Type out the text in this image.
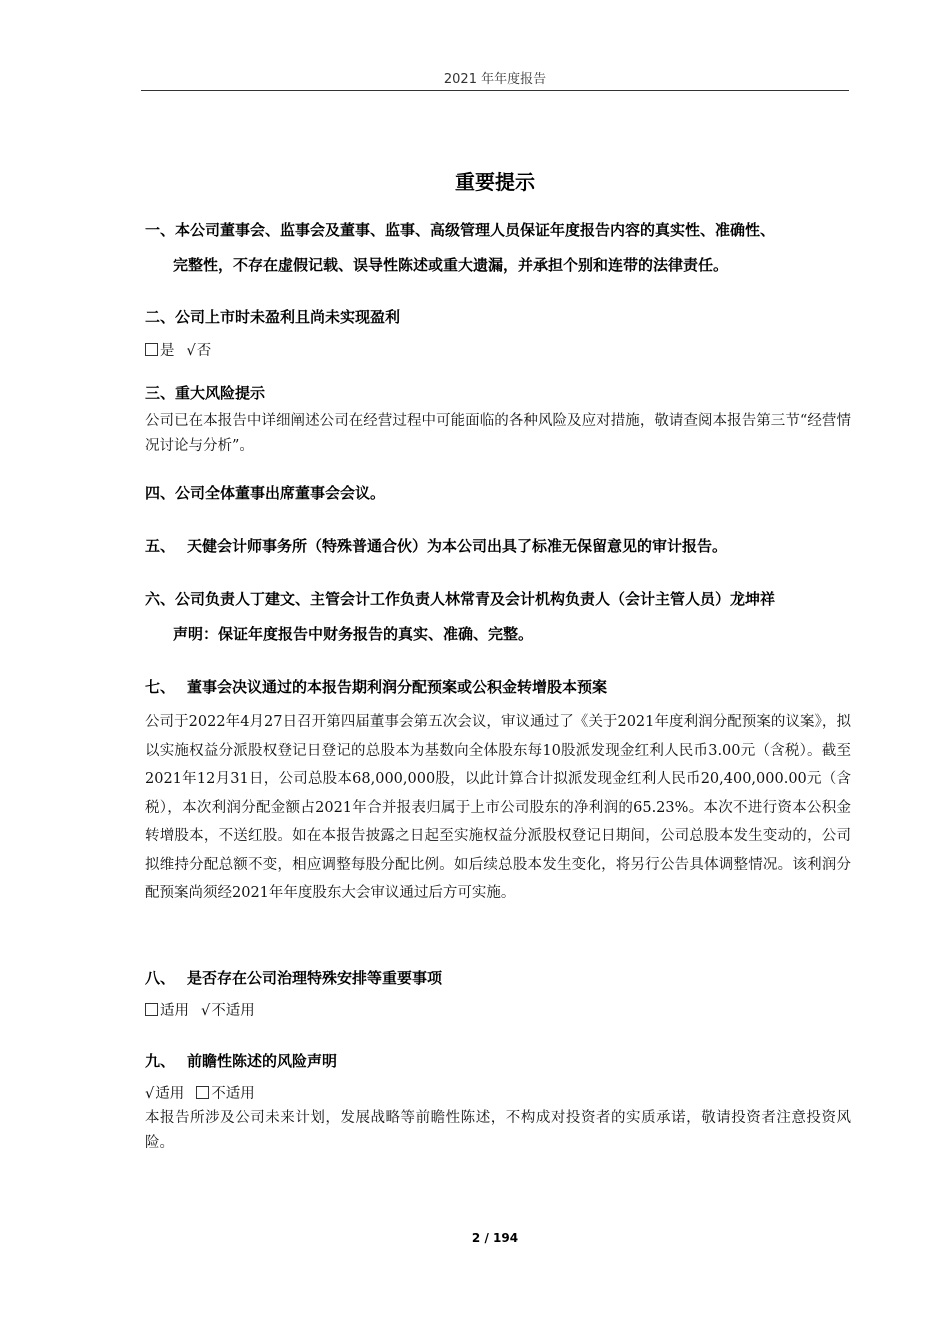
2021 年年度报告
重要提示
一、本公司董事会、监事会及董事、监事、高级管理人员保证年度报告内容的真实性、准确性、
完整性，不存在虚假记载、误导性陈述或重大遗漏，并承担个别和连带的法律责任。
二、公司上市时未盈利且尚未实现盈利
是 √否
三、重大风险提示
公司已在本报告中详细阐述公司在经营过程中可能面临的各种风险及应对措施，敬请查阅本报告第三节“经营情况讨论与分析”。
四、公司全体董事出席董事会会议。
五、 天健会计师事务所（特殊普通合伙）为本公司出具了标准无保留意见的审计报告。
六、公司负责人丁建文、主管会计工作负责人林常青及会计机构负责人（会计主管人员）龙坤祥
声明：保证年度报告中财务报告的真实、准确、完整。
七、 董事会决议通过的本报告期利润分配预案或公积金转增股本预案
公司于2022年4月27日召开第四届董事会第五次会议，审议通过了《关于2021年度利润分配预案的议案》，拟以实施权益分派股权登记日登记的总股本为基数向全体股东每10股派发现金红利人民币3.00元（含税）。截至2021年12月31日，公司总股本68,000,000股，以此计算合计拟派发现金红利人民币20,400,000.00元（含税），本次利润分配金额占2021年合并报表归属于上市公司股东的净利润的65.23%。本次不进行资本公积金转增股本，不送红股。如在本报告披露之日起至实施权益分派股权登记日期间，公司总股本发生变动的，公司拟维持分配总额不变，相应调整每股分配比例。如后续总股本发生变化，将另行公告具体调整情况。该利润分配预案尚须经2021年年度股东大会审议通过后方可实施。
八、 是否存在公司治理特殊安排等重要事项
适用 √不适用
九、 前瞻性陈述的风险声明
√适用 不适用
本报告所涉及公司未来计划，发展战略等前瞻性陈述，不构成对投资者的实质承诺，敬请投资者注意投资风险。
2 / 194
